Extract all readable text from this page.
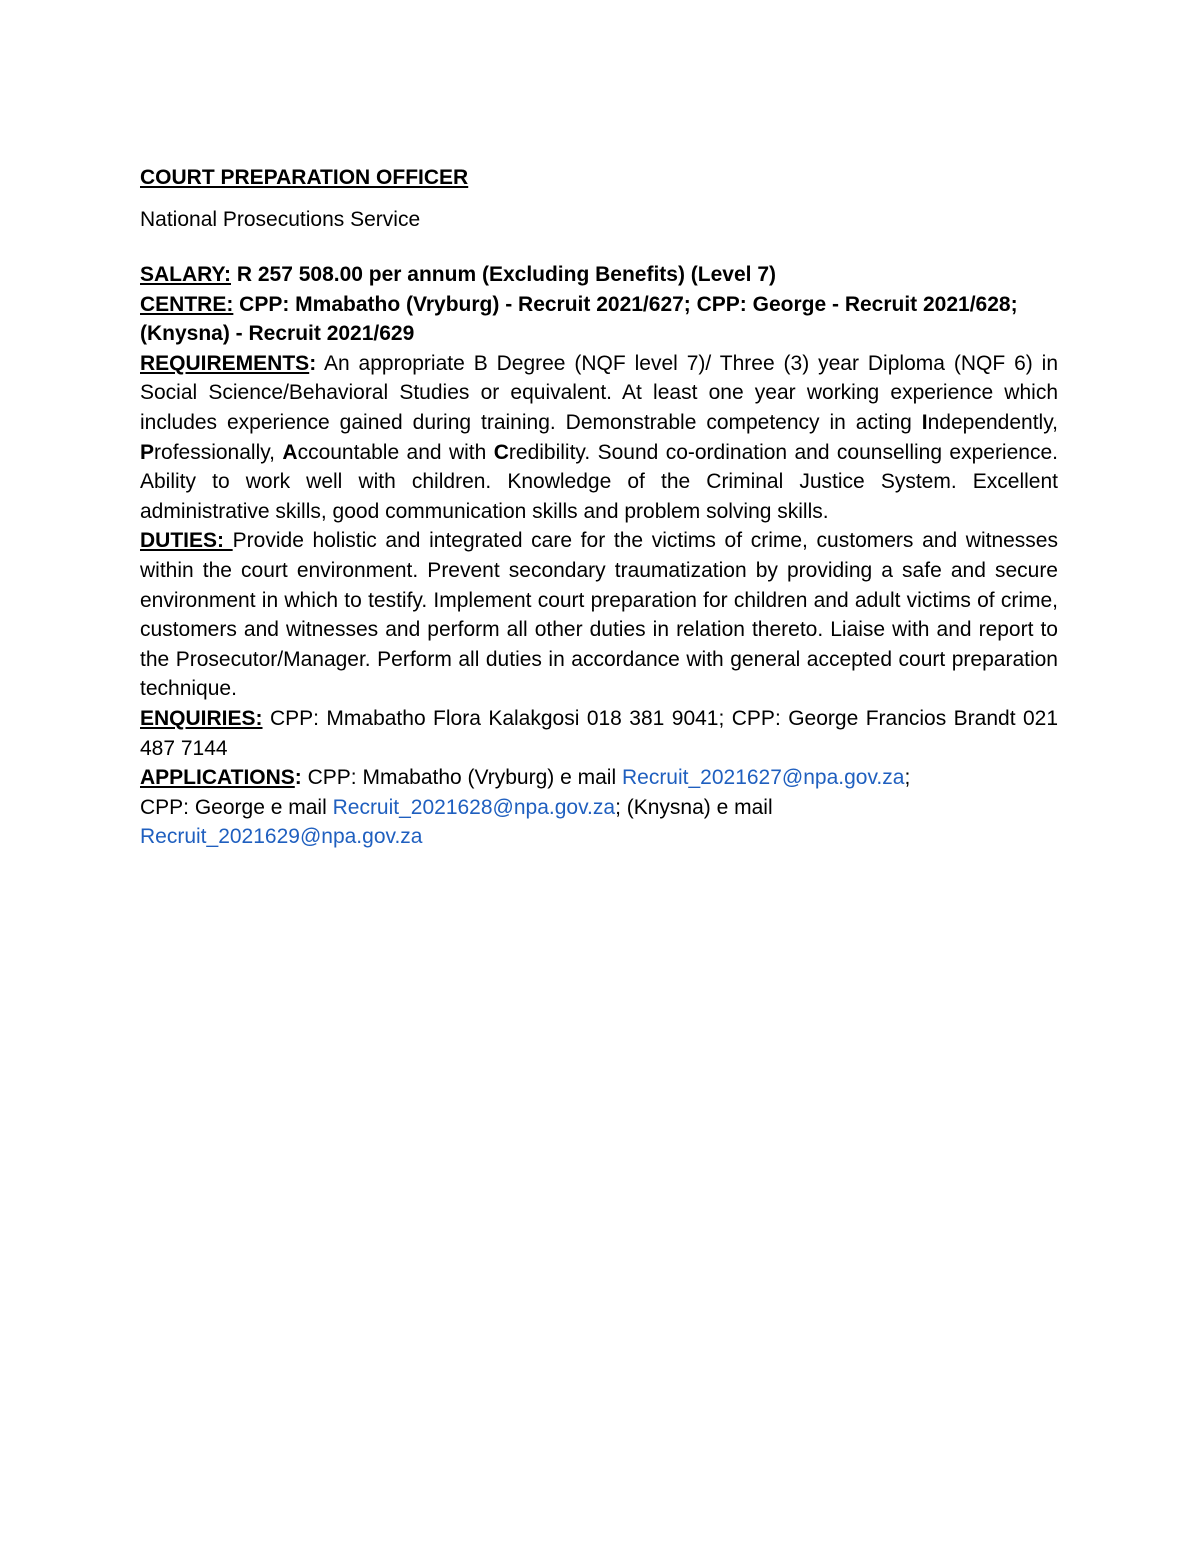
COURT PREPARATION OFFICER

National Prosecutions Service

SALARY: R 257 508.00 per annum (Excluding Benefits) (Level 7)

CENTRE: CPP: Mmabatho (Vryburg) - Recruit 2021/627; CPP: George - Recruit 2021/628; (Knysna) - Recruit 2021/629

REQUIREMENTS: An appropriate B Degree (NQF level 7)/ Three (3) year Diploma (NQF 6) in Social Science/Behavioral Studies or equivalent. At least one year working experience which includes experience gained during training. Demonstrable competency in acting Independently, Professionally, Accountable and with Credibility. Sound co-ordination and counselling experience. Ability to work well with children. Knowledge of the Criminal Justice System. Excellent administrative skills, good communication skills and problem solving skills.

DUTIES: Provide holistic and integrated care for the victims of crime, customers and witnesses within the court environment. Prevent secondary traumatization by providing a safe and secure environment in which to testify. Implement court preparation for children and adult victims of crime, customers and witnesses and perform all other duties in relation thereto. Liaise with and report to the Prosecutor/Manager. Perform all duties in accordance with general accepted court preparation technique.

ENQUIRIES: CPP: Mmabatho Flora Kalakgosi 018 381 9041; CPP: George Francios Brandt 021 487 7144

APPLICATIONS: CPP: Mmabatho (Vryburg) e mail Recruit_2021627@npa.gov.za;
CPP: George e mail Recruit_2021628@npa.gov.za; (Knysna) e mail
Recruit_2021629@npa.gov.za
